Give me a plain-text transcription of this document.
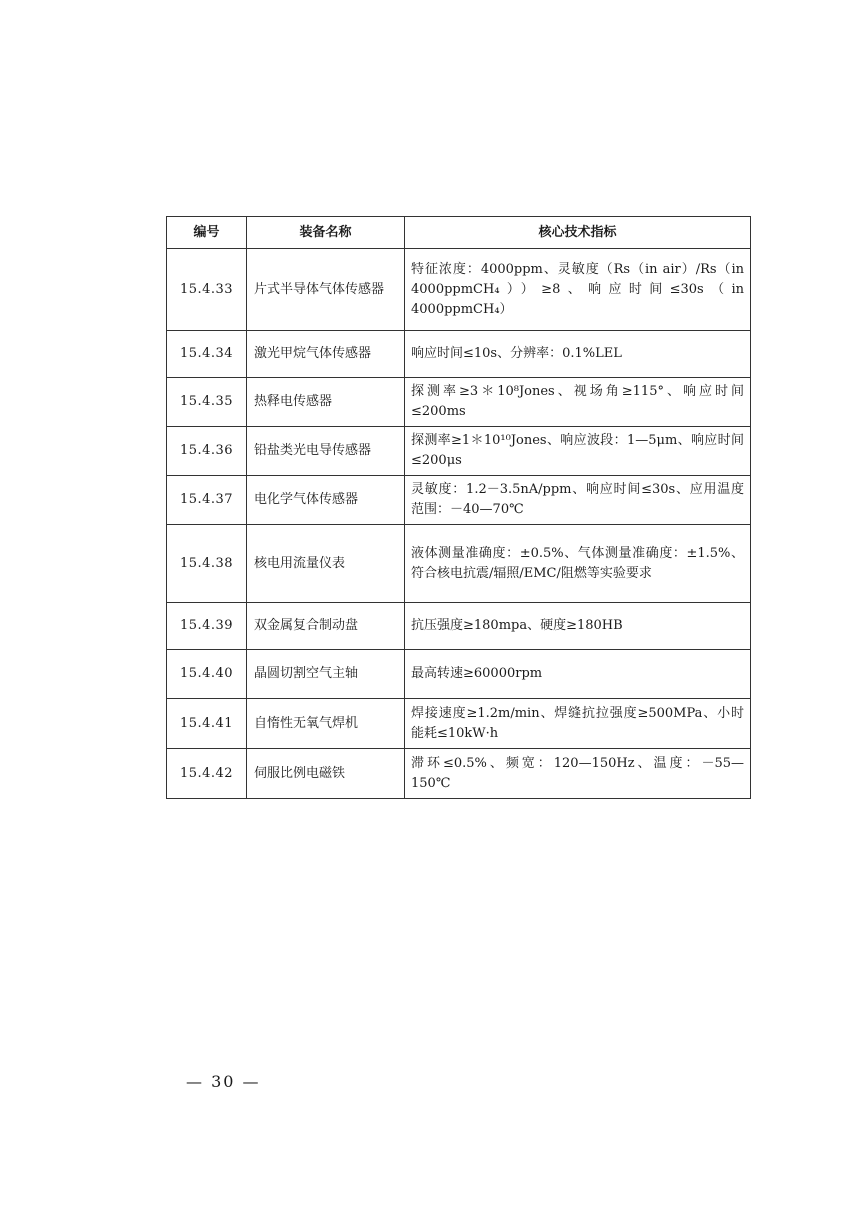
编号	装备名称	核心技术指标
15.4.33	片式半导体气体传感器	特征浓度：4000ppm、灵敏度（Rs（in air）/Rs（in 4000ppmCH₄））≥8、响应时间≤30s（in 4000ppmCH₄）
15.4.34	激光甲烷气体传感器	响应时间≤10s、分辨率：0.1%LEL
15.4.35	热释电传感器	探测率≥3＊10⁸Jones、视场角≥115°、响应时间≤200ms
15.4.36	铅盐类光电导传感器	探测率≥1＊10¹⁰Jones、响应波段：1—5μm、响应时间≤200μs
15.4.37	电化学气体传感器	灵敏度：1.2－3.5nA/ppm、响应时间≤30s、应用温度范围：－40—70℃
15.4.38	核电用流量仪表	液体测量准确度：±0.5%、气体测量准确度：±1.5%、符合核电抗震/辐照/EMC/阻燃等实验要求
15.4.39	双金属复合制动盘	抗压强度≥180mpa、硬度≥180HB
15.4.40	晶圆切割空气主轴	最高转速≥60000rpm
15.4.41	自惰性无氧气焊机	焊接速度≥1.2m/min、焊缝抗拉强度≥500MPa、小时能耗≤10kW·h
15.4.42	伺服比例电磁铁	滞环≤0.5%、频宽：120—150Hz、温度：－55—150℃
— 30 —
